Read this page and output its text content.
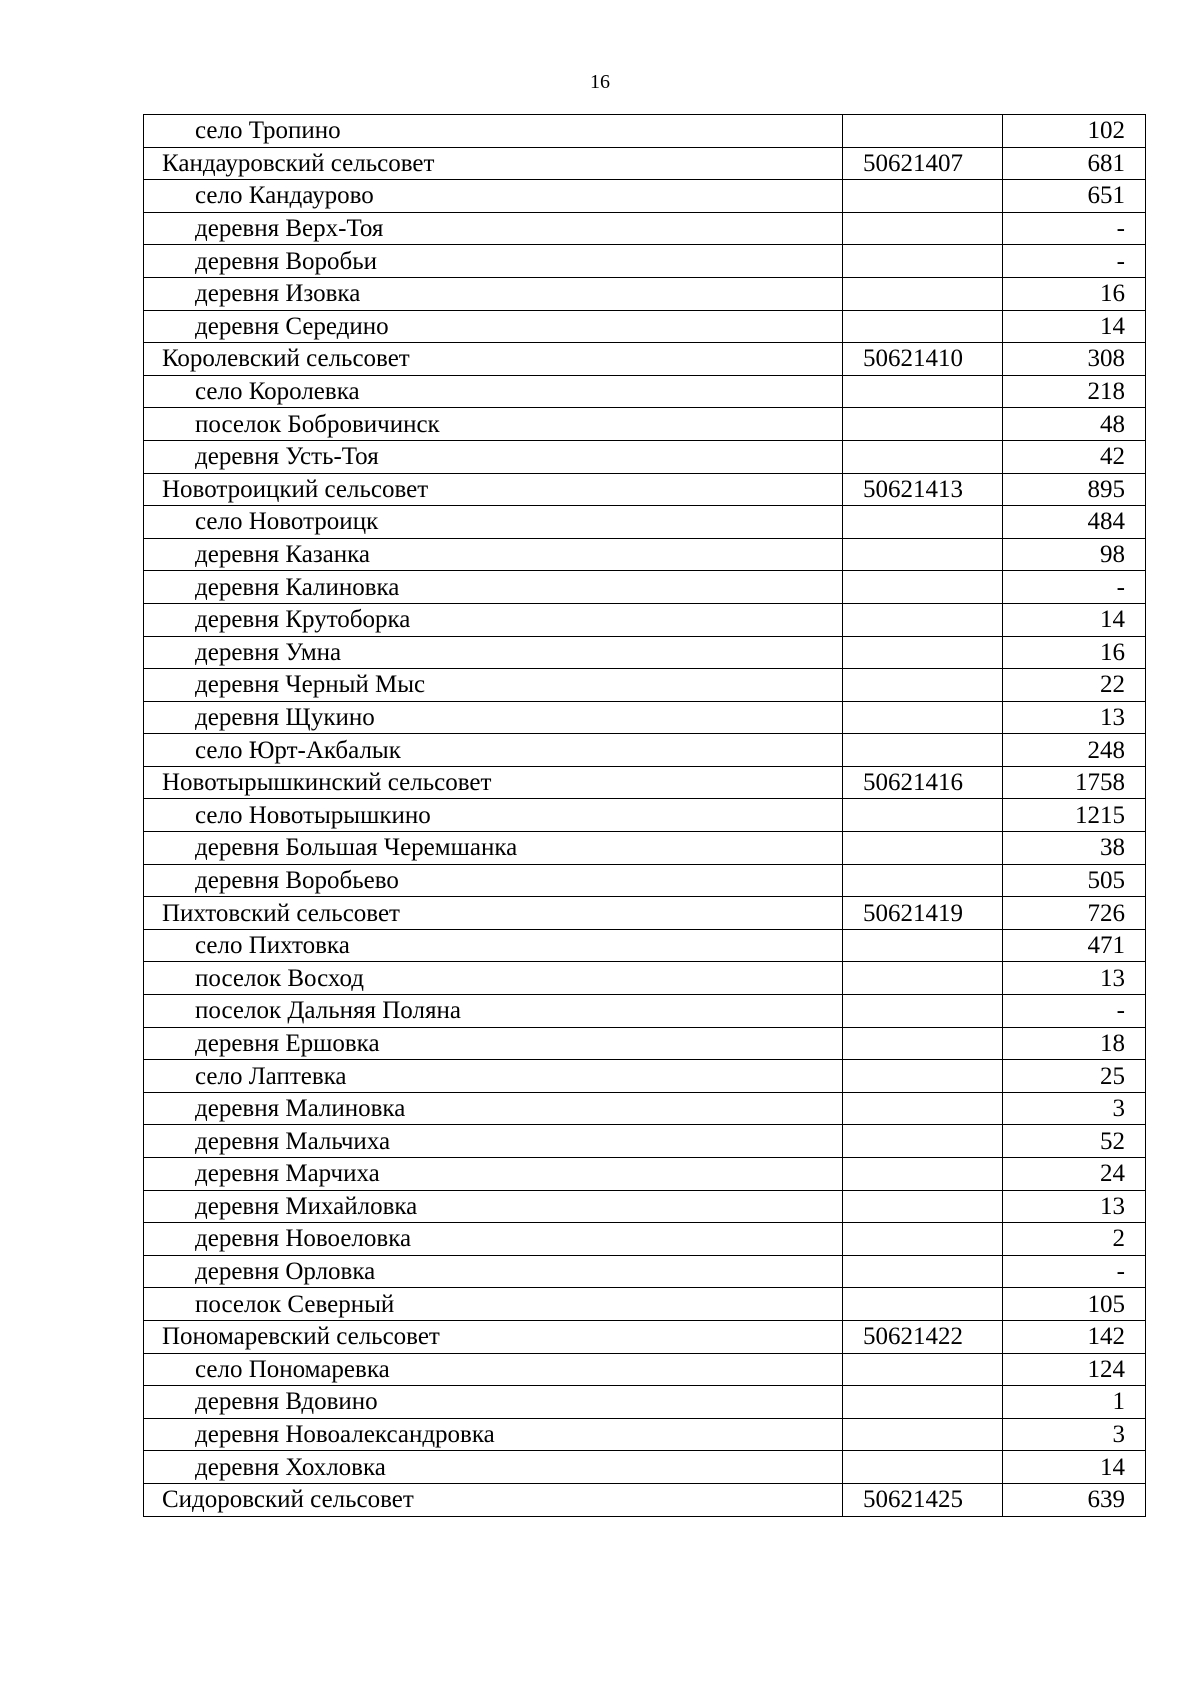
16
село Тропино		102
Кандауровский сельсовет	50621407	681
село Кандаурово		651
деревня Верх-Тоя		-
деревня Воробьи		-
деревня Изовка		16
деревня Середино		14
Королевский сельсовет	50621410	308
село Королевка		218
поселок Бобровичинск		48
деревня Усть-Тоя		42
Новотроицкий сельсовет	50621413	895
село Новотроицк		484
деревня Казанка		98
деревня Калиновка		-
деревня Крутоборка		14
деревня Умна		16
деревня Черный Мыс		22
деревня Щукино		13
село Юрт-Акбалык		248
Новотырышкинский сельсовет	50621416	1758
село Новотырышкино		1215
деревня Большая Черемшанка		38
деревня Воробьево		505
Пихтовский сельсовет	50621419	726
село Пихтовка		471
поселок Восход		13
поселок Дальняя Поляна		-
деревня Ершовка		18
село Лаптевка		25
деревня Малиновка		3
деревня Мальчиха		52
деревня Марчиха		24
деревня Михайловка		13
деревня Новоеловка		2
деревня Орловка		-
поселок Северный		105
Пономаревский сельсовет	50621422	142
село Пономаревка		124
деревня Вдовино		1
деревня Новоалександровка		3
деревня Хохловка		14
Сидоровский сельсовет	50621425	639
